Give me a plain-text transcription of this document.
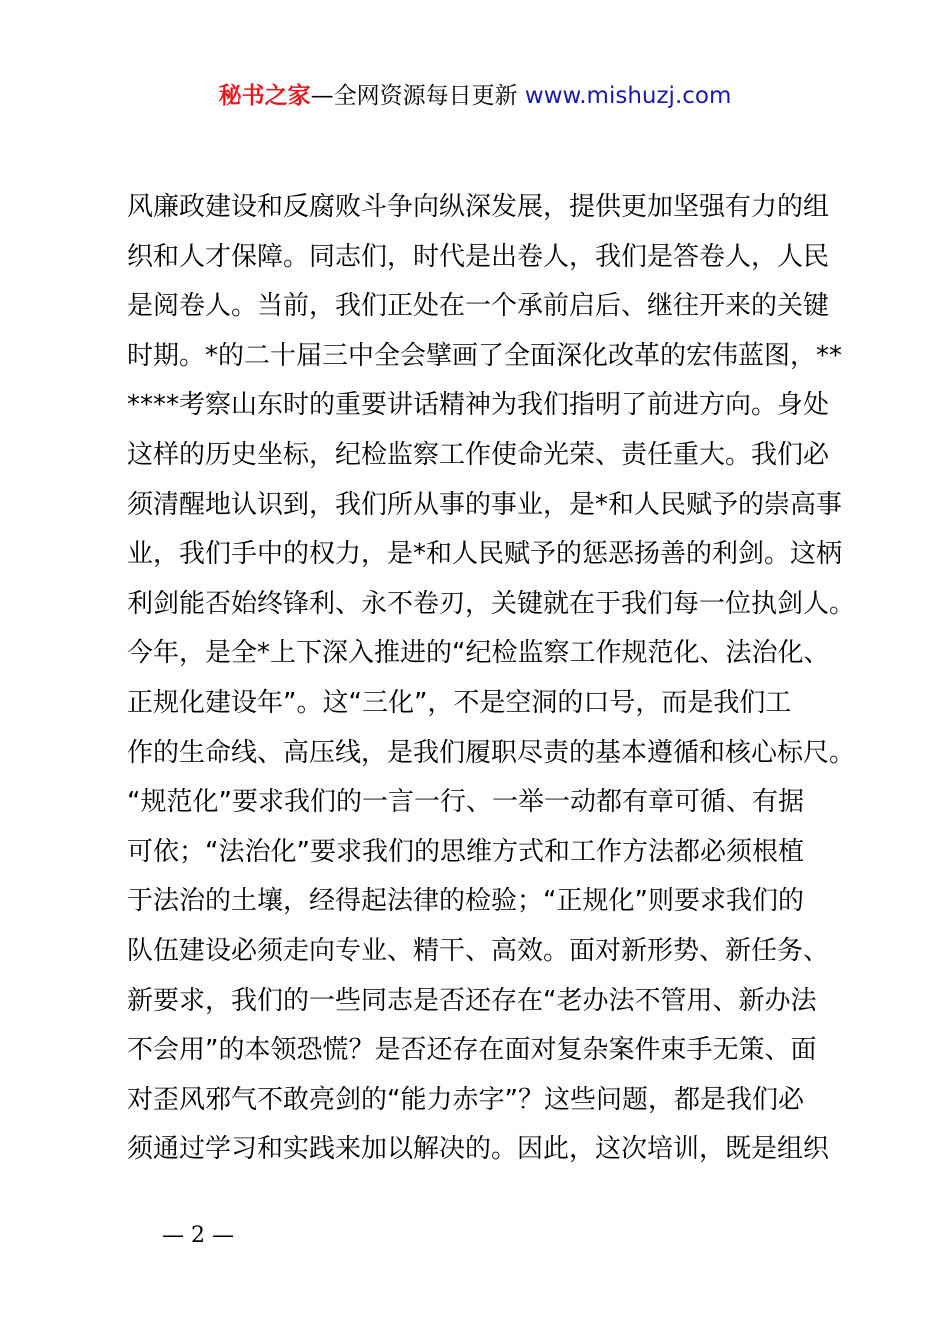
秘书之家—全网资源每日更新 www.mishuzj.com
风廉政建设和反腐败斗争向纵深发展，提供更加坚强有力的组
织和人才保障。同志们，时代是出卷人，我们是答卷人，人民
是阅卷人。当前，我们正处在一个承前启后、继往开来的关键
时期。*的二十届三中全会擘画了全面深化改革的宏伟蓝图，**
****考察山东时的重要讲话精神为我们指明了前进方向。身处
这样的历史坐标，纪检监察工作使命光荣、责任重大。我们必
须清醒地认识到，我们所从事的事业，是*和人民赋予的崇高事
业，我们手中的权力，是*和人民赋予的惩恶扬善的利剑。这柄
利剑能否始终锋利、永不卷刃，关键就在于我们每一位执剑人。
今年，是全*上下深入推进的“纪检监察工作规范化、法治化、
正规化建设年”。这“三化”，不是空洞的口号，而是我们工
作的生命线、高压线，是我们履职尽责的基本遵循和核心标尺。
“规范化”要求我们的一言一行、一举一动都有章可循、有据
可依；“法治化”要求我们的思维方式和工作方法都必须根植
于法治的土壤，经得起法律的检验；“正规化”则要求我们的
队伍建设必须走向专业、精干、高效。面对新形势、新任务、
新要求，我们的一些同志是否还存在“老办法不管用、新办法
不会用”的本领恐慌？是否还存在面对复杂案件束手无策、面
对歪风邪气不敢亮剑的“能力赤字”？这些问题，都是我们必
须通过学习和实践来加以解决的。因此，这次培训，既是组织
— 2 —
